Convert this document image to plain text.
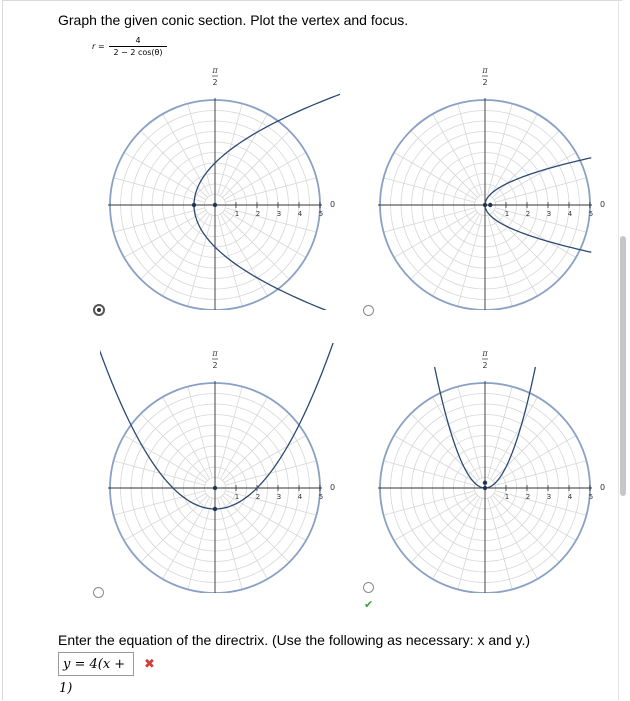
Graph the given conic section. Plot the vertex and focus.
r =
4
2 − 2 cos(θ)
1 2 3 4 5
0
π
2
1 2 3 4 5
0
π
2
1 2 3 4 5
0
π
2
1 2 3 4 5
0
π
2
✔
Enter the equation of the directrix. (Use the following as necessary: x and y.)
y = 4(x + 1)
✖
